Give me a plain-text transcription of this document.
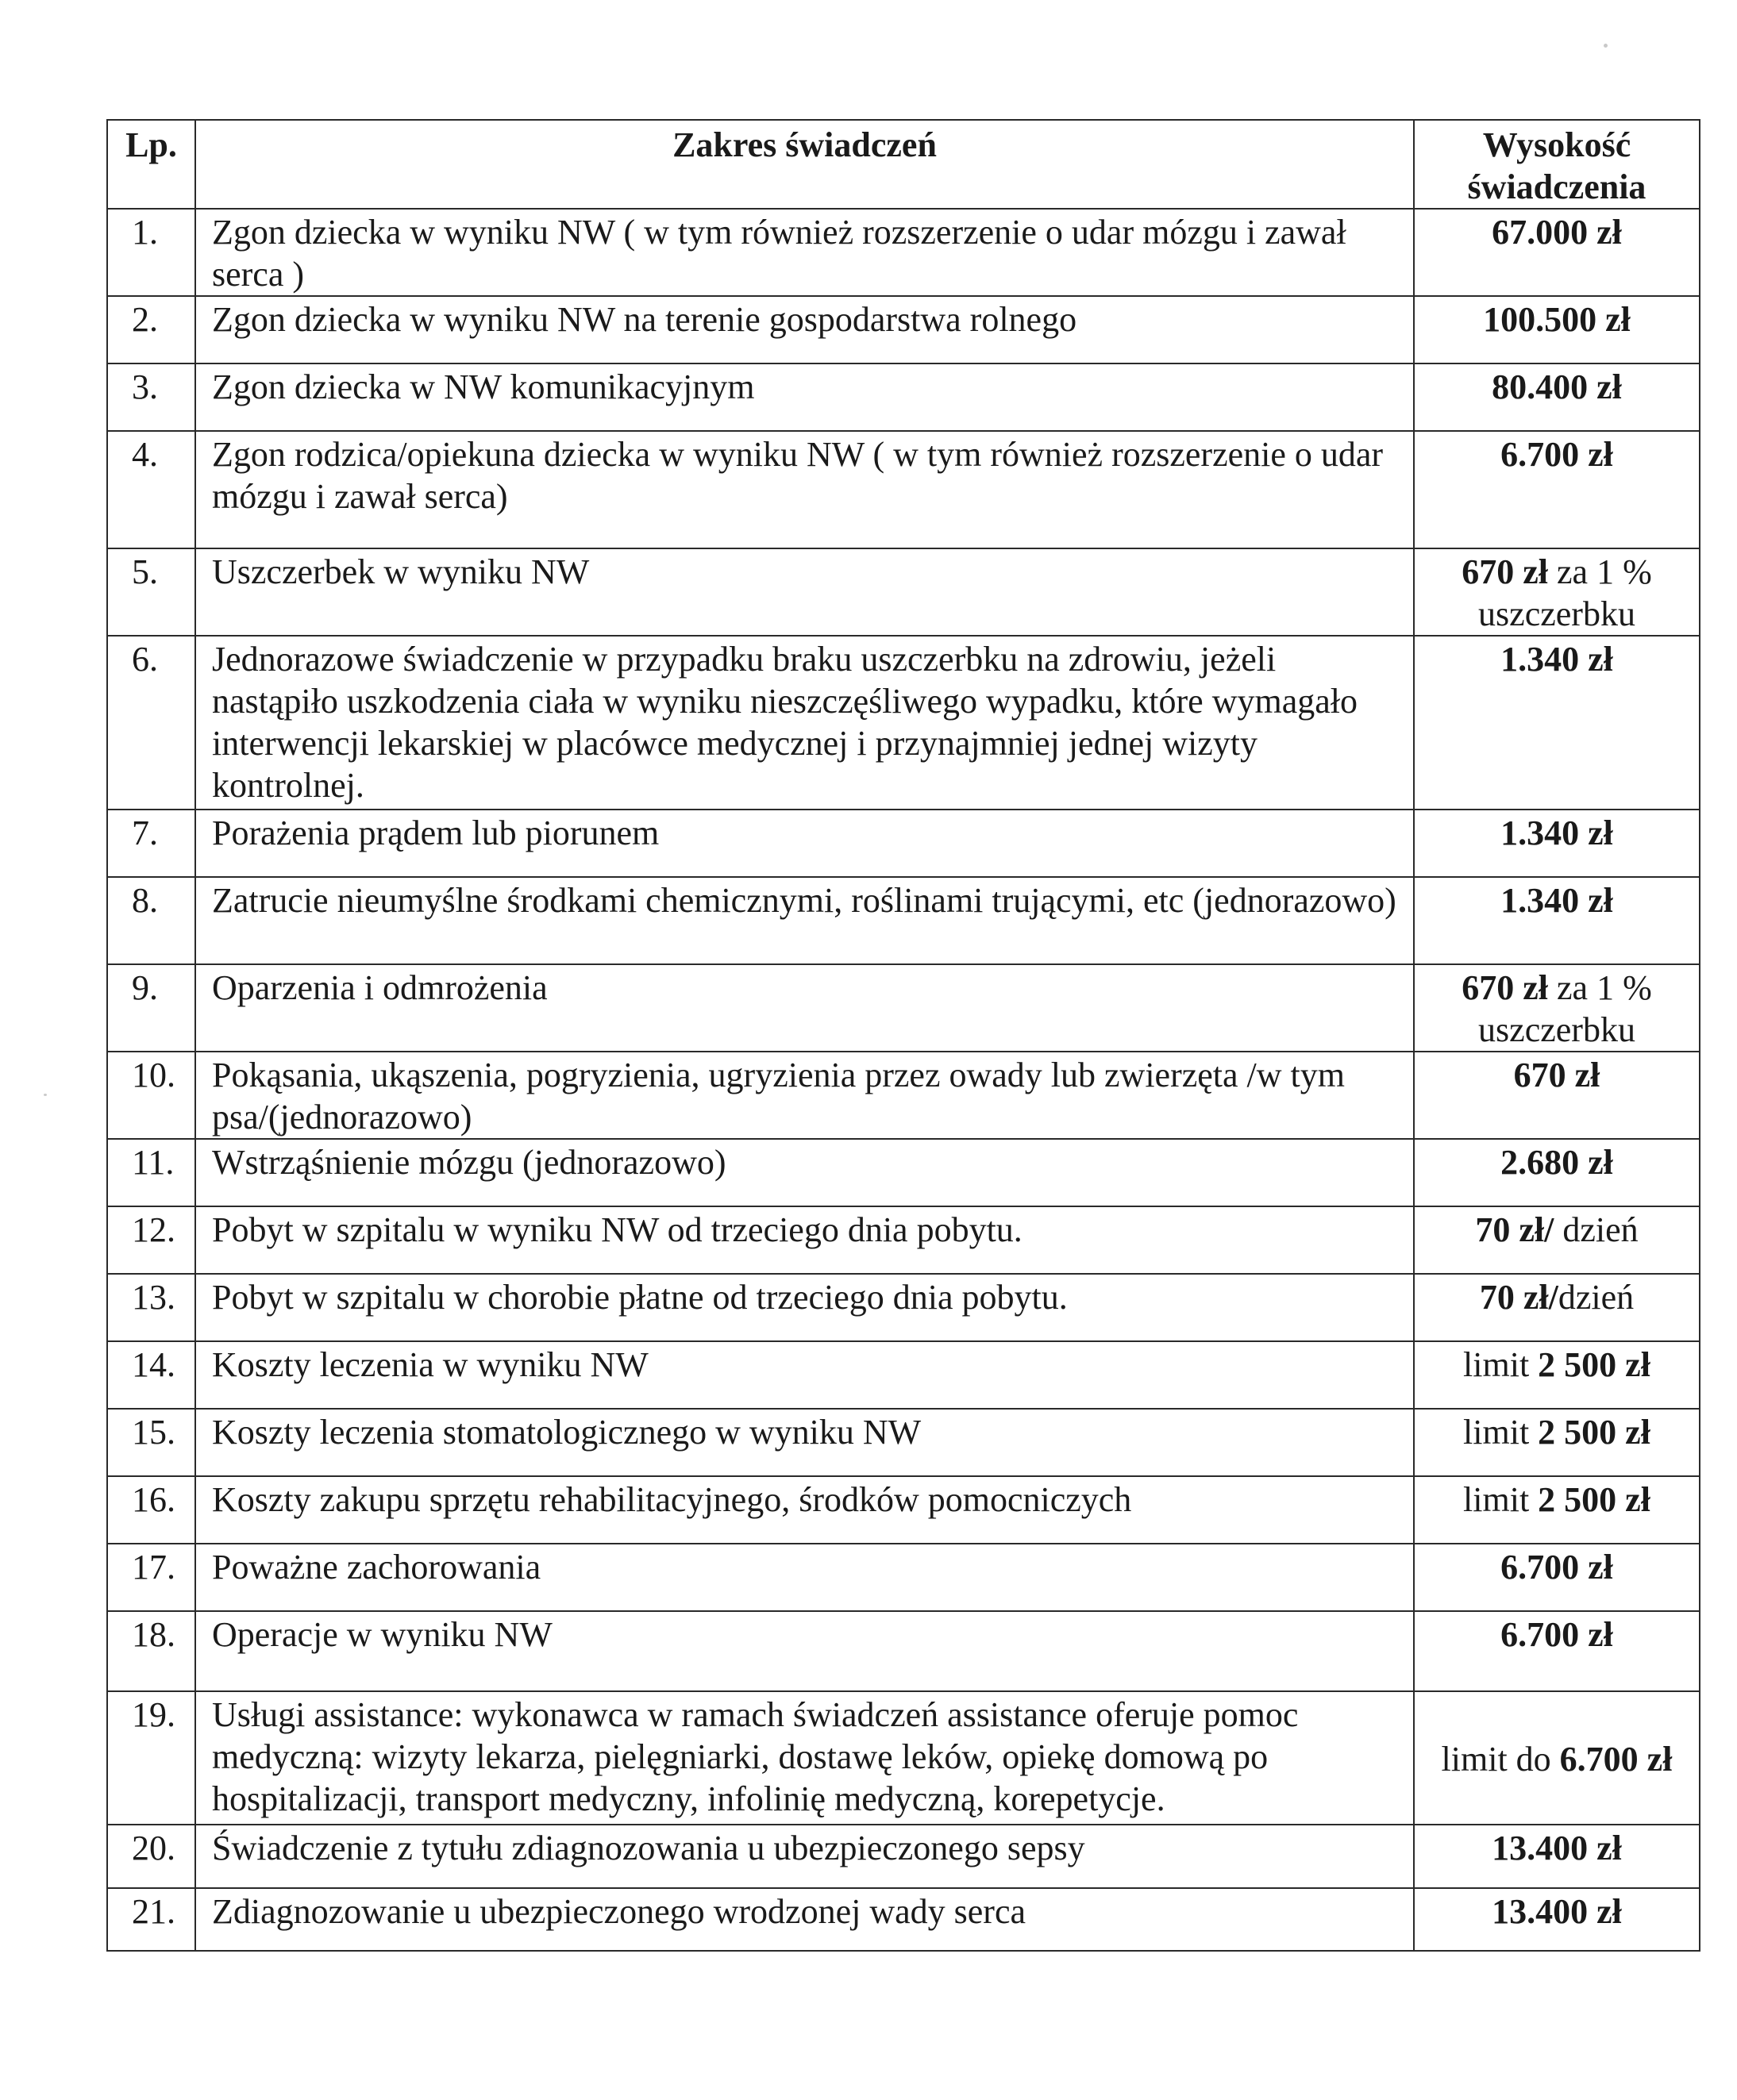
Lp.	Zakres świadczeń	Wysokość świadczenia
1.	Zgon dziecka w wyniku NW ( w tym również rozszerzenie o udar mózgu i zawał serca )	67.000 zł
2.	Zgon dziecka w wyniku NW na terenie gospodarstwa rolnego	100.500 zł
3.	Zgon dziecka w NW komunikacyjnym	80.400 zł
4.	Zgon rodzica/opiekuna dziecka w wyniku NW ( w tym również rozszerzenie o udar mózgu i zawał serca)	6.700 zł
5.	Uszczerbek w wyniku NW	670 zł za 1 % uszczerbku
6.	Jednorazowe świadczenie w przypadku braku uszczerbku na zdrowiu, jeżeli nastąpiło uszkodzenia ciała w wyniku nieszczęśliwego wypadku, które wymagało interwencji lekarskiej w placówce medycznej i przynajmniej jednej wizyty kontrolnej.	1.340 zł
7.	Porażenia prądem lub piorunem	1.340 zł
8.	Zatrucie nieumyślne środkami chemicznymi, roślinami trującymi, etc (jednorazowo)	1.340 zł
9.	Oparzenia i odmrożenia	670 zł za 1 % uszczerbku
10.	Pokąsania, ukąszenia, pogryzienia, ugryzienia przez owady lub zwierzęta /w tym psa/(jednorazowo)	670 zł
11.	Wstrząśnienie mózgu (jednorazowo)	2.680 zł
12.	Pobyt w szpitalu w wyniku NW od trzeciego dnia pobytu.	70 zł/ dzień
13.	Pobyt w szpitalu w chorobie płatne od trzeciego dnia pobytu.	70 zł/dzień
14.	Koszty leczenia w wyniku NW	limit 2 500 zł
15.	Koszty leczenia stomatologicznego w wyniku NW	limit 2 500 zł
16.	Koszty zakupu sprzętu rehabilitacyjnego, środków pomocniczych	limit 2 500 zł
17.	Poważne zachorowania	6.700 zł
18.	Operacje w wyniku NW	6.700 zł
19.	Usługi assistance: wykonawca w ramach świadczeń assistance oferuje pomoc medyczną: wizyty lekarza, pielęgniarki, dostawę leków, opiekę domową po hospitalizacji, transport medyczny, infolinię medyczną, korepetycje.	limit do 6.700 zł
20.	Świadczenie z tytułu zdiagnozowania u ubezpieczonego sepsy	13.400 zł
21.	Zdiagnozowanie u ubezpieczonego wrodzonej wady serca	13.400 zł
